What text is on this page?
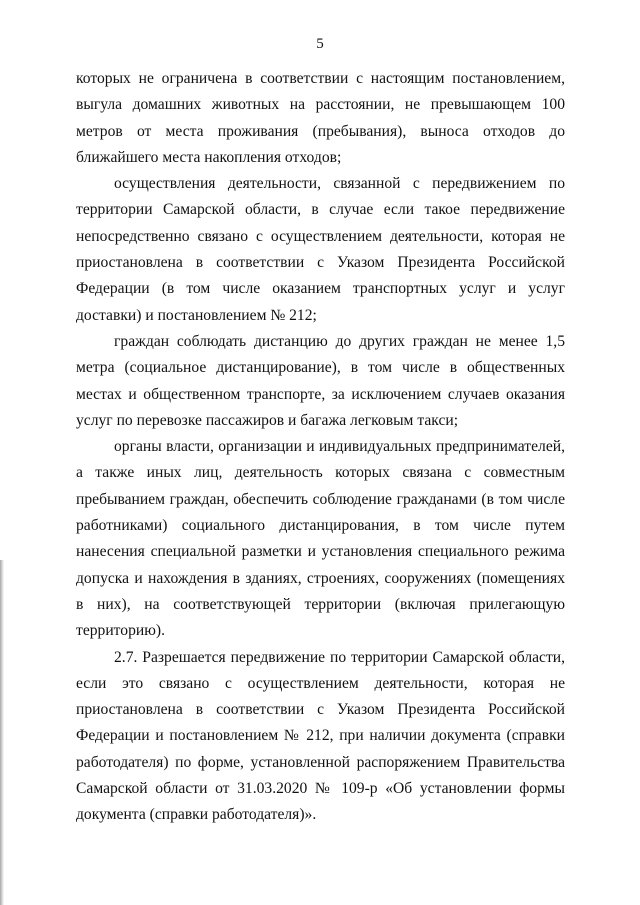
5

которых не ограничена в соответствии с настоящим постановлением, выгула домашних животных на расстоянии, не превышающем 100 метров от места проживания (пребывания), выноса отходов до ближайшего места накопления отходов;

осуществления деятельности, связанной с передвижением по территории Самарской области, в случае если такое передвижение непосредственно связано с осуществлением деятельности, которая не приостановлена в соответствии с Указом Президента Российской Федерации (в том числе оказанием транспортных услуг и услуг доставки) и постановлением № 212;

граждан соблюдать дистанцию до других граждан не менее 1,5 метра (социальное дистанцирование), в том числе в общественных местах и общественном транспорте, за исключением случаев оказания услуг по перевозке пассажиров и багажа легковым такси;

органы власти, организации и индивидуальных предпринимателей, а также иных лиц, деятельность которых связана с совместным пребыванием граждан, обеспечить соблюдение гражданами (в том числе работниками) социального дистанцирования, в том числе путем нанесения специальной разметки и установления специального режима допуска и нахождения в зданиях, строениях, сооружениях (помещениях в них), на соответствующей территории (включая прилегающую территорию).

2.7. Разрешается передвижение по территории Самарской области, если это связано с осуществлением деятельности, которая не приостановлена в соответствии с Указом Президента Российской Федерации и постановлением № 212, при наличии документа (справки работодателя) по форме, установленной распоряжением Правительства Самарской области от 31.03.2020 № 109-р «Об установлении формы документа (справки работодателя)».
